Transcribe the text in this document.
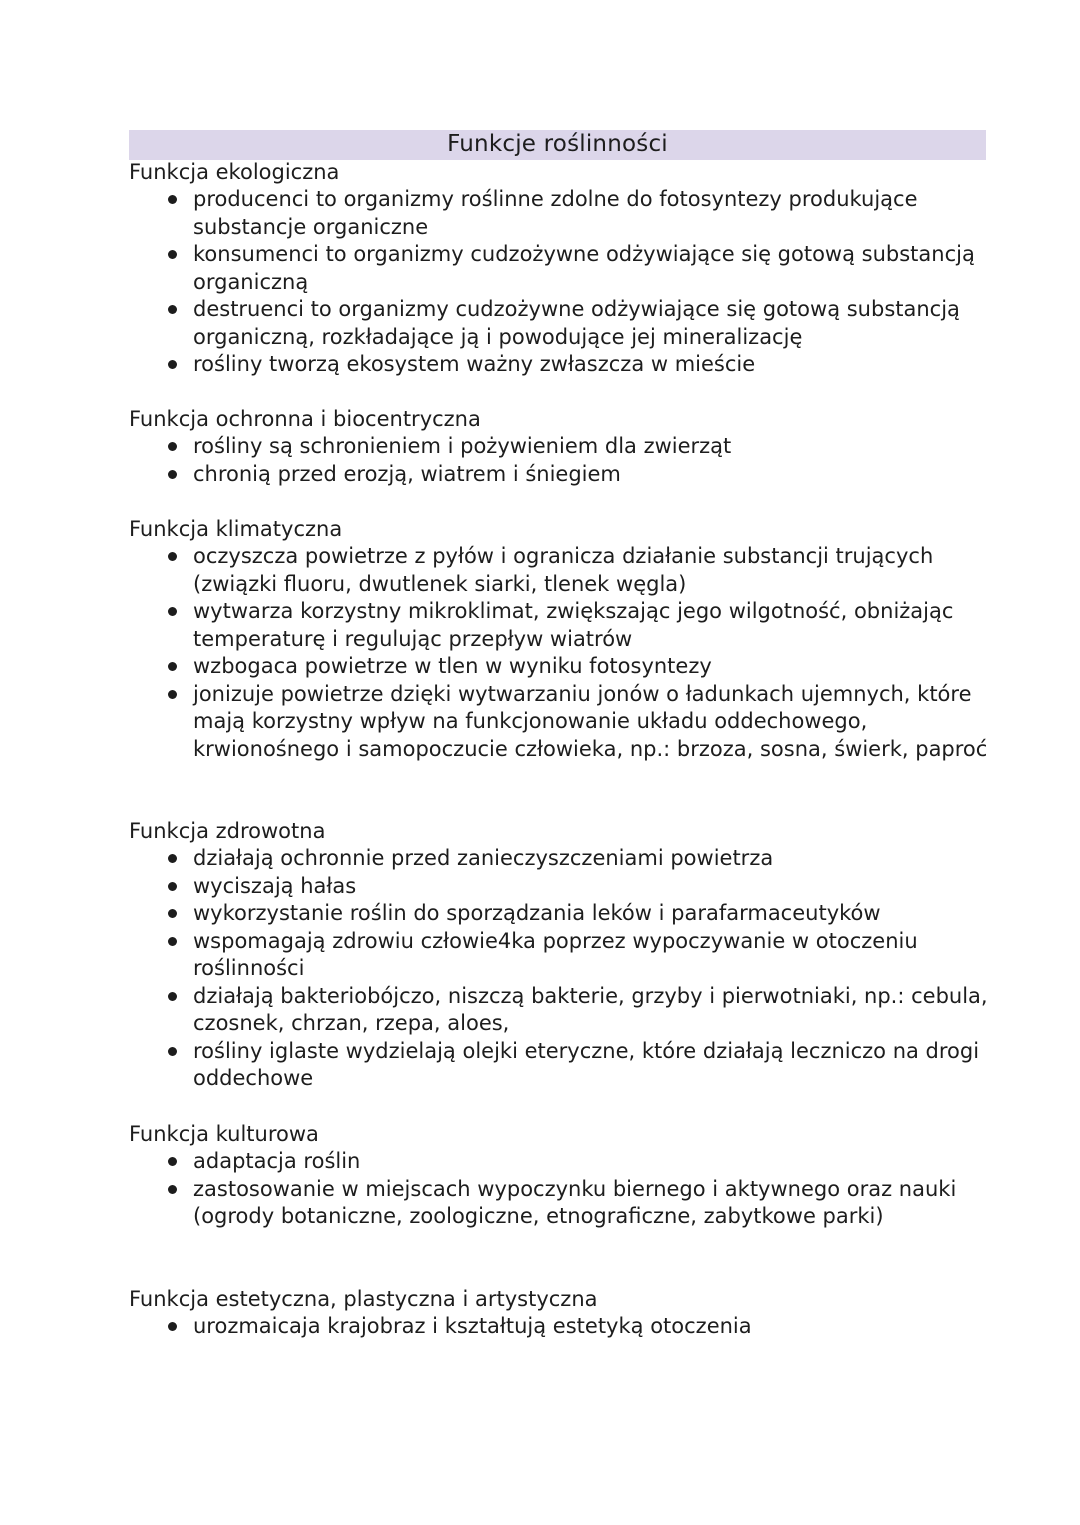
Funkcje roślinności

Funkcja ekologiczna

producenci to organizmy roślinne zdolne do fotosyntezy produkujące substancje organiczne
konsumenci to organizmy cudzożywne odżywiające się gotową substancją organiczną
destruenci to organizmy cudzożywne odżywiające się gotową substancją organiczną, rozkładające ją i powodujące jej mineralizację
rośliny tworzą ekosystem ważny zwłaszcza w mieście

Funkcja ochronna i biocentryczna

rośliny są schronieniem i pożywieniem dla zwierząt
chronią przed erozją, wiatrem i śniegiem

Funkcja klimatyczna

oczyszcza powietrze z pyłów i ogranicza działanie substancji trujących (związki fluoru, dwutlenek siarki, tlenek węgla)
wytwarza korzystny mikroklimat, zwiększając jego wilgotność, obniżając temperaturę i regulując przepływ wiatrów
wzbogaca powietrze w tlen w wyniku fotosyntezy
jonizuje powietrze dzięki wytwarzaniu jonów o ładunkach ujemnych, które mają korzystny wpływ na funkcjonowanie układu oddechowego, krwionośnego i samopoczucie człowieka, np.: brzoza, sosna, świerk, paproć

Funkcja zdrowotna

działają ochronnie przed zanieczyszczeniami powietrza
wyciszają hałas
wykorzystanie roślin do sporządzania leków i parafarmaceutyków
wspomagają zdrowiu człowie4ka poprzez wypoczywanie w otoczeniu roślinności
działają bakteriobójczo, niszczą bakterie, grzyby i pierwotniaki, np.: cebula, czosnek, chrzan, rzepa, aloes,
rośliny iglaste wydzielają olejki eteryczne, które działają leczniczo na drogi oddechowe

Funkcja kulturowa

adaptacja roślin
zastosowanie w miejscach wypoczynku biernego i aktywnego oraz nauki (ogrody botaniczne, zoologiczne, etnograficzne, zabytkowe parki)

Funkcja estetyczna, plastyczna i artystyczna

urozmaicaja krajobraz i kształtują estetyką otoczenia
